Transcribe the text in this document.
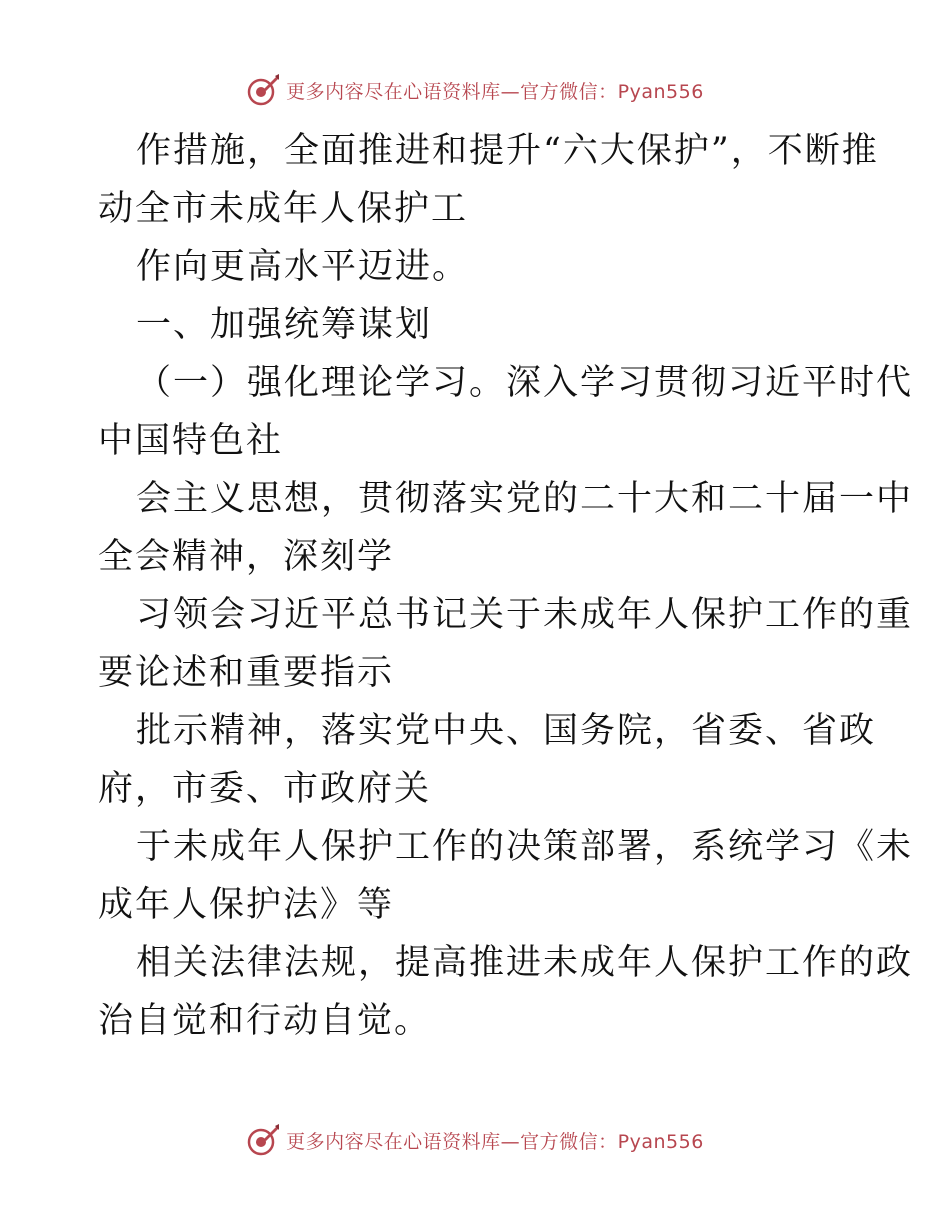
更多内容尽在心语资料库—官方微信：Pyan556
作措施，全面推进和提升“六大保护”，不断推
动全市未成年人保护工
作向更高水平迈进。
一、加强统筹谋划
（一）强化理论学习。深入学习贯彻习近平时代
中国特色社
会主义思想，贯彻落实党的二十大和二十届一中
全会精神，深刻学
习领会习近平总书记关于未成年人保护工作的重
要论述和重要指示
批示精神，落实党中央、国务院，省委、省政
府，市委、市政府关
于未成年人保护工作的决策部署，系统学习《未
成年人保护法》等
相关法律法规，提高推进未成年人保护工作的政
治自觉和行动自觉。
更多内容尽在心语资料库—官方微信：Pyan556
